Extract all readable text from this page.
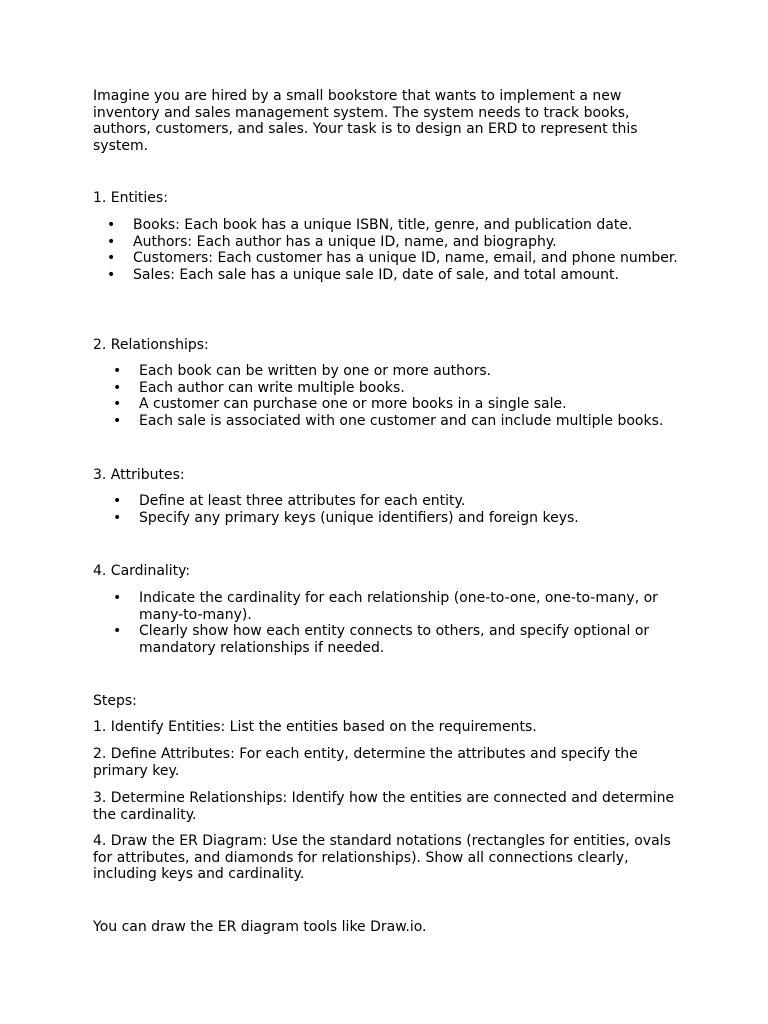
Imagine you are hired by a small bookstore that wants to implement a new inventory and sales management system. The system needs to track books, authors, customers, and sales. Your task is to design an ERD to represent this system.

1. Entities:

• Books: Each book has a unique ISBN, title, genre, and publication date.
• Authors: Each author has a unique ID, name, and biography.
• Customers: Each customer has a unique ID, name, email, and phone number.
• Sales: Each sale has a unique sale ID, date of sale, and total amount.

2. Relationships:

• Each book can be written by one or more authors.
• Each author can write multiple books.
• A customer can purchase one or more books in a single sale.
• Each sale is associated with one customer and can include multiple books.

3. Attributes:

• Define at least three attributes for each entity.
• Specify any primary keys (unique identifiers) and foreign keys.

4. Cardinality:

• Indicate the cardinality for each relationship (one-to-one, one-to-many, or many-to-many).
• Clearly show how each entity connects to others, and specify optional or mandatory relationships if needed.

Steps:

1. Identify Entities: List the entities based on the requirements.

2. Define Attributes: For each entity, determine the attributes and specify the primary key.

3. Determine Relationships: Identify how the entities are connected and determine the cardinality.

4. Draw the ER Diagram: Use the standard notations (rectangles for entities, ovals for attributes, and diamonds for relationships). Show all connections clearly, including keys and cardinality.

You can draw the ER diagram tools like Draw.io.
